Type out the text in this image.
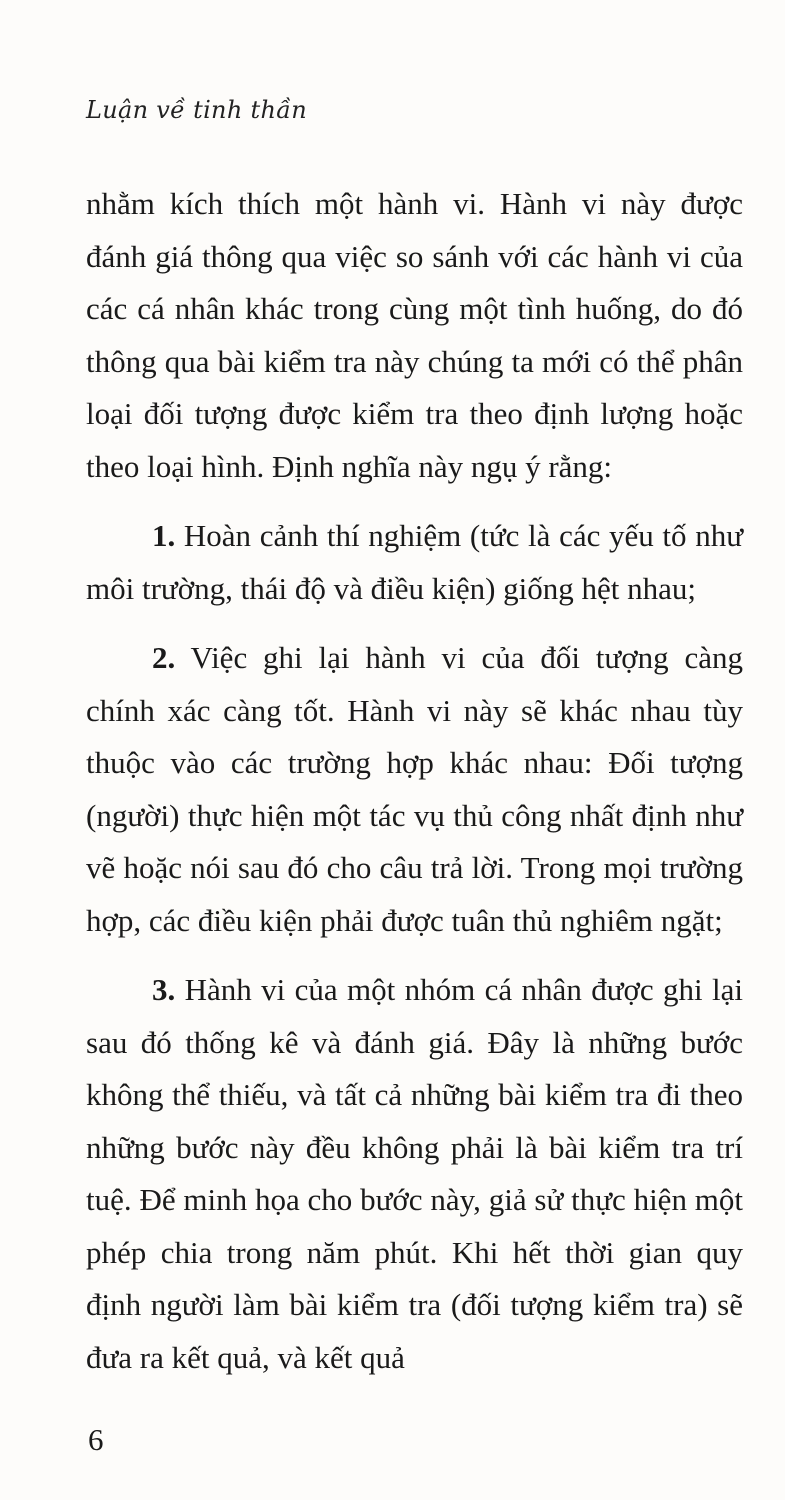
Luận về tinh thần

nhằm kích thích một hành vi. Hành vi này được đánh giá thông qua việc so sánh với các hành vi của các cá nhân khác trong cùng một tình huống, do đó thông qua bài kiểm tra này chúng ta mới có thể phân loại đối tượng được kiểm tra theo định lượng hoặc theo loại hình. Định nghĩa này ngụ ý rằng:

1. Hoàn cảnh thí nghiệm (tức là các yếu tố như môi trường, thái độ và điều kiện) giống hệt nhau;

2. Việc ghi lại hành vi của đối tượng càng chính xác càng tốt. Hành vi này sẽ khác nhau tùy thuộc vào các trường hợp khác nhau: Đối tượng (người) thực hiện một tác vụ thủ công nhất định như vẽ hoặc nói sau đó cho câu trả lời. Trong mọi trường hợp, các điều kiện phải được tuân thủ nghiêm ngặt;

3. Hành vi của một nhóm cá nhân được ghi lại sau đó thống kê và đánh giá. Đây là những bước không thể thiếu, và tất cả những bài kiểm tra đi theo những bước này đều không phải là bài kiểm tra trí tuệ. Để minh họa cho bước này, giả sử thực hiện một phép chia trong năm phút. Khi hết thời gian quy định người làm bài kiểm tra (đối tượng kiểm tra) sẽ đưa ra kết quả, và kết quả

6
